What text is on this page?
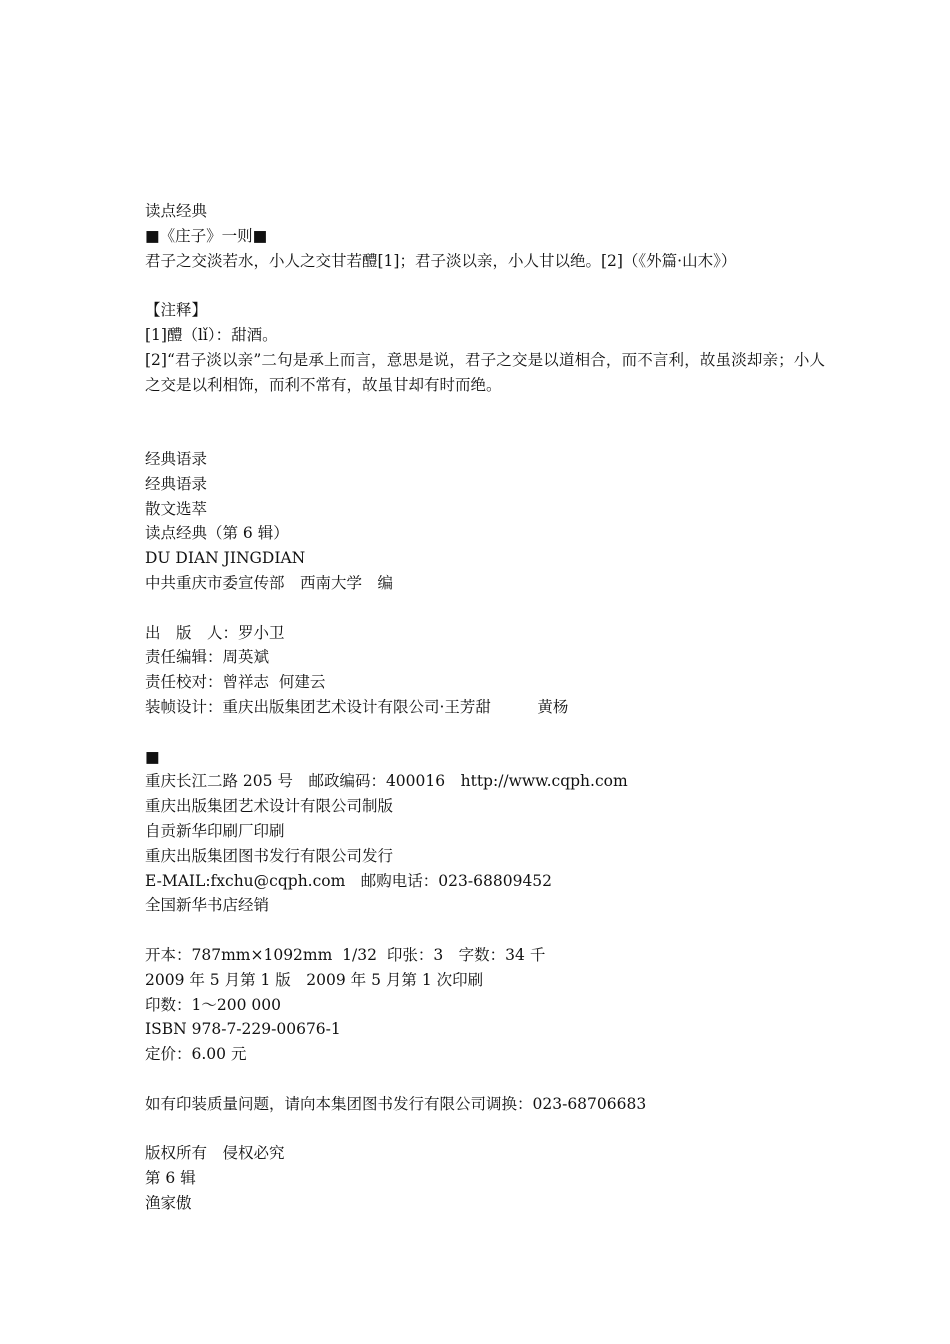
读点经典
■《庄子》一则■
君子之交淡若水，小人之交甘若醴[1]；君子淡以亲，小人甘以绝。[2]（《外篇·山木》）
【注释】
[1]醴（lǐ）：甜酒。
[2]“君子淡以亲”二句是承上而言，意思是说，君子之交是以道相合，而不言利，故虽淡却亲；小人之交是以利相饰，而利不常有，故虽甘却有时而绝。
经典语录
经典语录
散文选萃
读点经典（第 6 辑）
DU DIAN JINGDIAN
中共重庆市委宣传部　西南大学　编
出　版　人：罗小卫
责任编辑：周英斌
责任校对：曾祥志  何建云
装帧设计：重庆出版集团艺术设计有限公司·王芳甜　　　黄杨
■
重庆长江二路 205 号　邮政编码：400016　http://www.cqph.com
重庆出版集团艺术设计有限公司制版
自贡新华印刷厂印刷
重庆出版集团图书发行有限公司发行
E-MAIL:fxchu@cqph.com　邮购电话：023-68809452
全国新华书店经销
开本：787mm×1092mm  1/32  印张：3　字数：34 千
2009 年 5 月第 1 版　2009 年 5 月第 1 次印刷
印数：1～200 000
ISBN 978-7-229-00676-1
定价：6.00 元
如有印装质量问题，请向本集团图书发行有限公司调换：023-68706683
版权所有　侵权必究
第 6 辑
渔家傲
